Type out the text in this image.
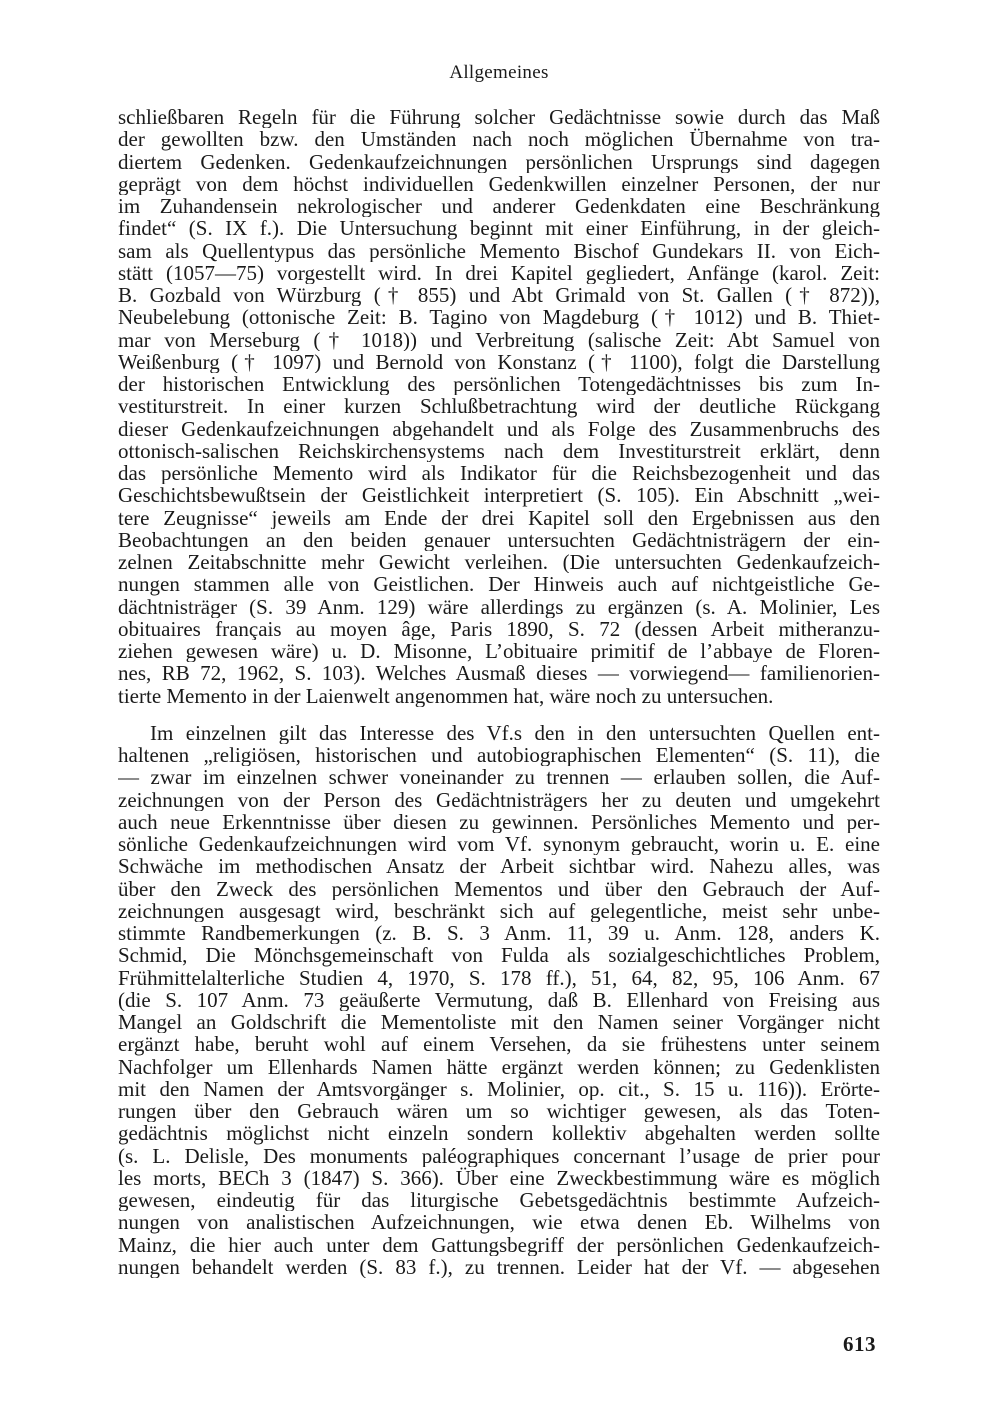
Allgemeines
schließbaren Regeln für die Führung solcher Gedächtnisse sowie durch das Maß
der gewollten bzw. den Umständen nach noch möglichen Übernahme von tra-
diertem Gedenken. Gedenkaufzeichnungen persönlichen Ursprungs sind dagegen
geprägt von dem höchst individuellen Gedenkwillen einzelner Personen, der nur
im Zuhandensein nekrologischer und anderer Gedenkdaten eine Beschränkung
findet“ (S. IX f.). Die Untersuchung beginnt mit einer Einführung, in der gleich-
sam als Quellentypus das persönliche Memento Bischof Gundekars II. von Eich-
stätt (1057—75) vorgestellt wird. In drei Kapitel gegliedert, Anfänge (karol. Zeit:
B. Gozbald von Würzburg († 855) und Abt Grimald von St. Gallen († 872)),
Neubelebung (ottonische Zeit: B. Tagino von Magdeburg († 1012) und B. Thiet-
mar von Merseburg († 1018)) und Verbreitung (salische Zeit: Abt Samuel von
Weißenburg († 1097) und Bernold von Konstanz († 1100), folgt die Darstellung
der historischen Entwicklung des persönlichen Totengedächtnisses bis zum In-
vestiturstreit. In einer kurzen Schlußbetrachtung wird der deutliche Rückgang
dieser Gedenkaufzeichnungen abgehandelt und als Folge des Zusammenbruchs des
ottonisch-salischen Reichskirchensystems nach dem Investiturstreit erklärt, denn
das persönliche Memento wird als Indikator für die Reichsbezogenheit und das
Geschichtsbewußtsein der Geistlichkeit interpretiert (S. 105). Ein Abschnitt „wei-
tere Zeugnisse“ jeweils am Ende der drei Kapitel soll den Ergebnissen aus den
Beobachtungen an den beiden genauer untersuchten Gedächtnisträgern der ein-
zelnen Zeitabschnitte mehr Gewicht verleihen. (Die untersuchten Gedenkaufzeich-
nungen stammen alle von Geistlichen. Der Hinweis auch auf nichtgeistliche Ge-
dächtnisträger (S. 39 Anm. 129) wäre allerdings zu ergänzen (s. A. Molinier, Les
obituaires français au moyen âge, Paris 1890, S. 72 (dessen Arbeit mitheranzu-
ziehen gewesen wäre) u. D. Misonne, L’obituaire primitif de l’abbaye de Floren-
nes, RB 72, 1962, S. 103). Welches Ausmaß dieses — vorwiegend— familienorien-
tierte Memento in der Laienwelt angenommen hat, wäre noch zu untersuchen.
Im einzelnen gilt das Interesse des Vf.s den in den untersuchten Quellen ent-
haltenen „religiösen, historischen und autobiographischen Elementen“ (S. 11), die
— zwar im einzelnen schwer voneinander zu trennen — erlauben sollen, die Auf-
zeichnungen von der Person des Gedächtnisträgers her zu deuten und umgekehrt
auch neue Erkenntnisse über diesen zu gewinnen. Persönliches Memento und per-
sönliche Gedenkaufzeichnungen wird vom Vf. synonym gebraucht, worin u. E. eine
Schwäche im methodischen Ansatz der Arbeit sichtbar wird. Nahezu alles, was
über den Zweck des persönlichen Mementos und über den Gebrauch der Auf-
zeichnungen ausgesagt wird, beschränkt sich auf gelegentliche, meist sehr unbe-
stimmte Randbemerkungen (z. B. S. 3 Anm. 11, 39 u. Anm. 128, anders K.
Schmid, Die Mönchsgemeinschaft von Fulda als sozialgeschichtliches Problem,
Frühmittelalterliche Studien 4, 1970, S. 178 ff.), 51, 64, 82, 95, 106 Anm. 67
(die S. 107 Anm. 73 geäußerte Vermutung, daß B. Ellenhard von Freising aus
Mangel an Goldschrift die Mementoliste mit den Namen seiner Vorgänger nicht
ergänzt habe, beruht wohl auf einem Versehen, da sie frühestens unter seinem
Nachfolger um Ellenhards Namen hätte ergänzt werden können; zu Gedenklisten
mit den Namen der Amtsvorgänger s. Molinier, op. cit., S. 15 u. 116)). Erörte-
rungen über den Gebrauch wären um so wichtiger gewesen, als das Toten-
gedächtnis möglichst nicht einzeln sondern kollektiv abgehalten werden sollte
(s. L. Delisle, Des monuments paléographiques concernant l’usage de prier pour
les morts, BECh 3 (1847) S. 366). Über eine Zweckbestimmung wäre es möglich
gewesen, eindeutig für das liturgische Gebetsgedächtnis bestimmte Aufzeich-
nungen von analistischen Aufzeichnungen, wie etwa denen Eb. Wilhelms von
Mainz, die hier auch unter dem Gattungsbegriff der persönlichen Gedenkaufzeich-
nungen behandelt werden (S. 83 f.), zu trennen. Leider hat der Vf. — abgesehen
613
